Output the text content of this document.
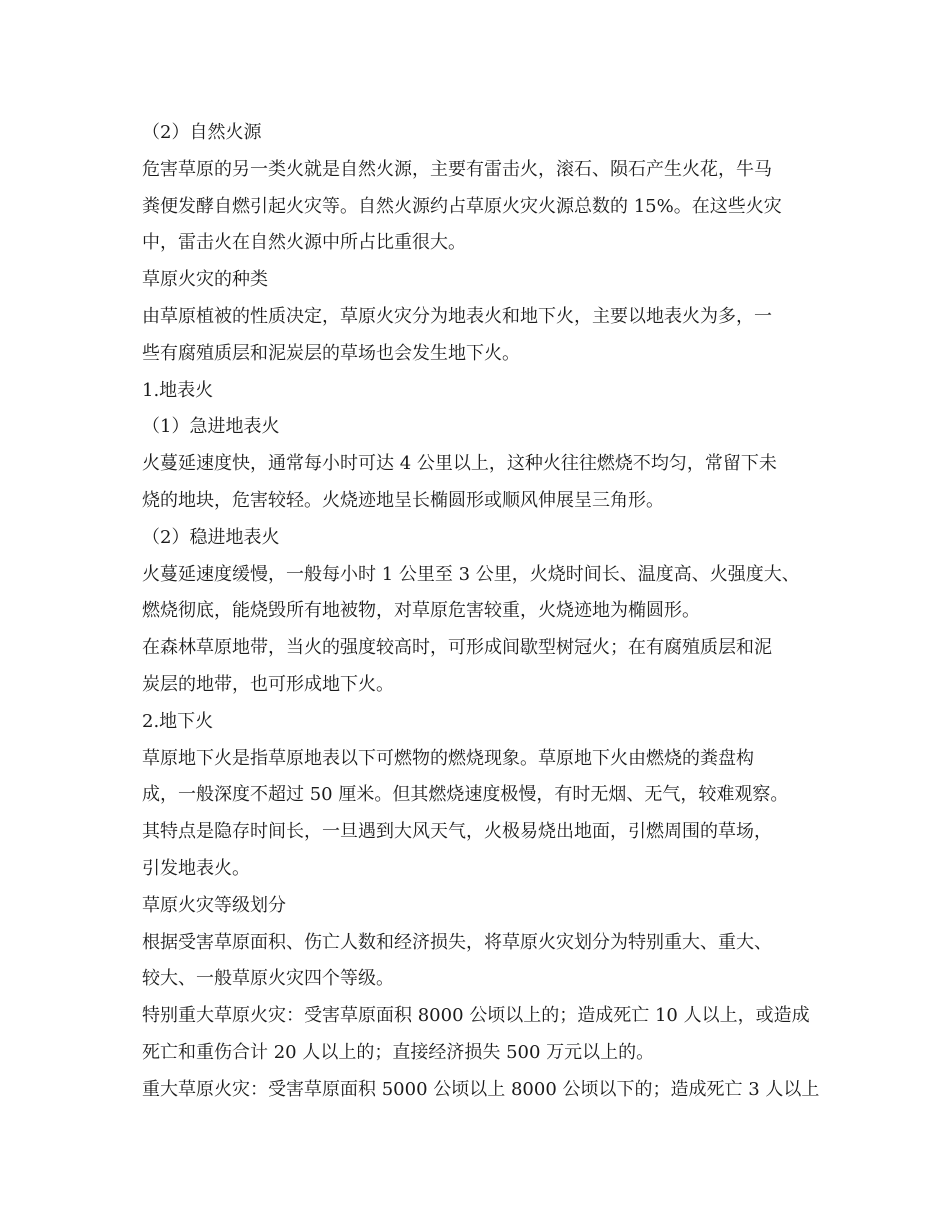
（2）自然火源

危害草原的另一类火就是自然火源，主要有雷击火，滚石、陨石产生火花，牛马

粪便发酵自燃引起火灾等。自然火源约占草原火灾火源总数的 15%。在这些火灾

中，雷击火在自然火源中所占比重很大。

草原火灾的种类

由草原植被的性质决定，草原火灾分为地表火和地下火，主要以地表火为多，一

些有腐殖质层和泥炭层的草场也会发生地下火。

1.地表火

（1）急进地表火

火蔓延速度快，通常每小时可达 4 公里以上，这种火往往燃烧不均匀，常留下未

烧的地块，危害较轻。火烧迹地呈长椭圆形或顺风伸展呈三角形。

（2）稳进地表火

火蔓延速度缓慢，一般每小时 1 公里至 3 公里，火烧时间长、温度高、火强度大、

燃烧彻底，能烧毁所有地被物，对草原危害较重，火烧迹地为椭圆形。

在森林草原地带，当火的强度较高时，可形成间歇型树冠火；在有腐殖质层和泥

炭层的地带，也可形成地下火。

2.地下火

草原地下火是指草原地表以下可燃物的燃烧现象。草原地下火由燃烧的粪盘构

成，一般深度不超过 50 厘米。但其燃烧速度极慢，有时无烟、无气，较难观察。

其特点是隐存时间长，一旦遇到大风天气，火极易烧出地面，引燃周围的草场，

引发地表火。

草原火灾等级划分

根据受害草原面积、伤亡人数和经济损失，将草原火灾划分为特别重大、重大、

较大、一般草原火灾四个等级。

特别重大草原火灾：受害草原面积 8000 公顷以上的；造成死亡 10 人以上，或造成

死亡和重伤合计 20 人以上的；直接经济损失 500 万元以上的。

重大草原火灾：受害草原面积 5000 公顷以上 8000 公顷以下的；造成死亡 3 人以上
